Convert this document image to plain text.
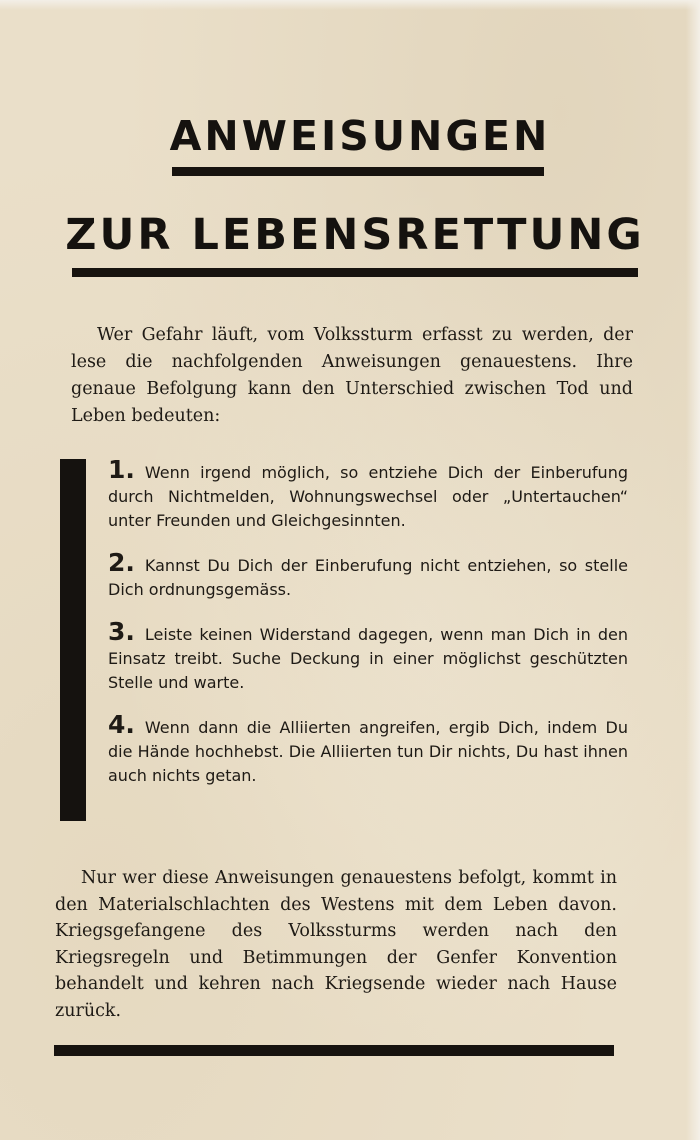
ANWEISUNGEN
ZUR LEBENSRETTUNG

Wer Gefahr läuft, vom Volkssturm erfasst zu werden, der lese die nachfolgenden Anweisungen genauestens. Ihre genaue Befolgung kann den Unterschied zwischen Tod und Leben bedeuten:

1. Wenn irgend möglich, so entziehe Dich der Einberufung durch Nichtmelden, Wohnungswechsel oder „Untertauchen“ unter Freunden und Gleichgesinnten.

2. Kannst Du Dich der Einberufung nicht entziehen, so stelle Dich ordnungsgemäss.

3. Leiste keinen Widerstand dagegen, wenn man Dich in den Einsatz treibt. Suche Deckung in einer möglichst geschützten Stelle und warte.

4. Wenn dann die Alliierten angreifen, ergib Dich, indem Du die Hände hochhebst. Die Alliierten tun Dir nichts, Du hast ihnen auch nichts getan.

Nur wer diese Anweisungen genauestens befolgt, kommt in den Materialschlachten des Westens mit dem Leben davon. Kriegsgefangene des Volkssturms werden nach den Kriegsregeln und Betimmungen der Genfer Konvention behandelt und kehren nach Kriegsende wieder nach Hause zurück.
